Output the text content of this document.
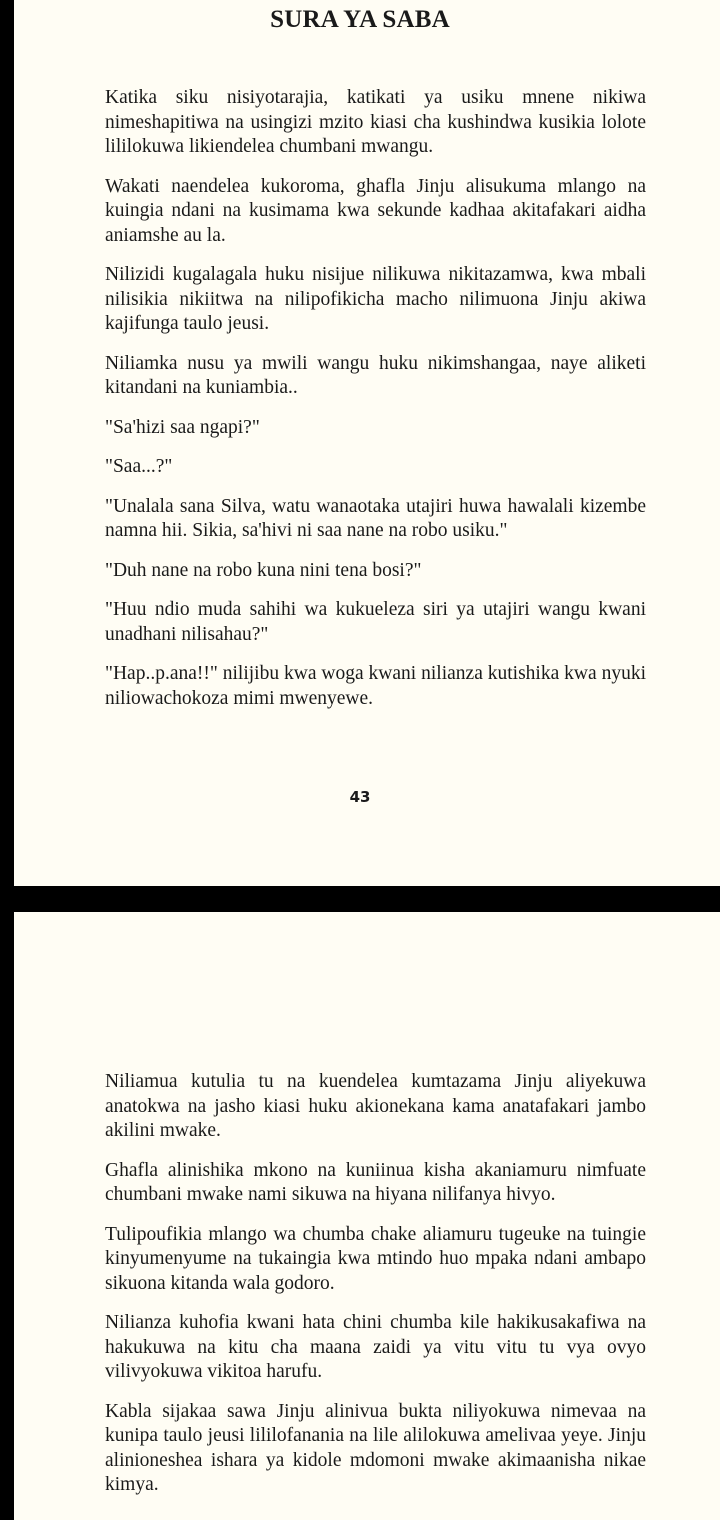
SURA YA SABA

Katika siku nisiyotarajia, katikati ya usiku mnene nikiwa nimeshapitiwa na usingizi mzito kiasi cha kushindwa kusikia lolote lililokuwa likiendelea chumbani mwangu.

Wakati naendelea kukoroma, ghafla Jinju alisukuma mlango na kuingia ndani na kusimama kwa sekunde kadhaa akitafakari aidha aniamshe au la.

Nilizidi kugalagala huku nisijue nilikuwa nikitazamwa, kwa mbali nilisikia nikiitwa na nilipofikicha macho nilimuona Jinju akiwa kajifunga taulo jeusi.

Niliamka nusu ya mwili wangu huku nikimshangaa, naye aliketi kitandani na kuniambia..

"Sa'hizi saa ngapi?"

"Saa...?"

"Unalala sana Silva, watu wanaotaka utajiri huwa hawalali kizembe namna hii. Sikia, sa'hivi ni saa nane na robo usiku."

"Duh nane na robo kuna nini tena bosi?"

"Huu ndio muda sahihi wa kukueleza siri ya utajiri wangu kwani unadhani nilisahau?"

"Hap..p.ana!!" nilijibu kwa woga kwani nilianza kutishika kwa nyuki niliowachokoza mimi mwenyewe.

43

Niliamua kutulia tu na kuendelea kumtazama Jinju aliyekuwa anatokwa na jasho kiasi huku akionekana kama anatafakari jambo akilini mwake.

Ghafla alinishika mkono na kuniinua kisha akaniamuru nimfuate chumbani mwake nami sikuwa na hiyana nilifanya hivyo.

Tulipoufikia mlango wa chumba chake aliamuru tugeuke na tuingie kinyumenyume na tukaingia kwa mtindo huo mpaka ndani ambapo sikuona kitanda wala godoro.

Nilianza kuhofia kwani hata chini chumba kile hakikusakafiwa na hakukuwa na kitu cha maana zaidi ya vitu vitu tu vya ovyo vilivyokuwa vikitoa harufu.

Kabla sijakaa sawa Jinju alinivua bukta niliyokuwa nimevaa na kunipa taulo jeusi lililofanania na lile alilokuwa amelivaa yeye. Jinju alinioneshea ishara ya kidole mdomoni mwake akimaanisha nikae kimya.
